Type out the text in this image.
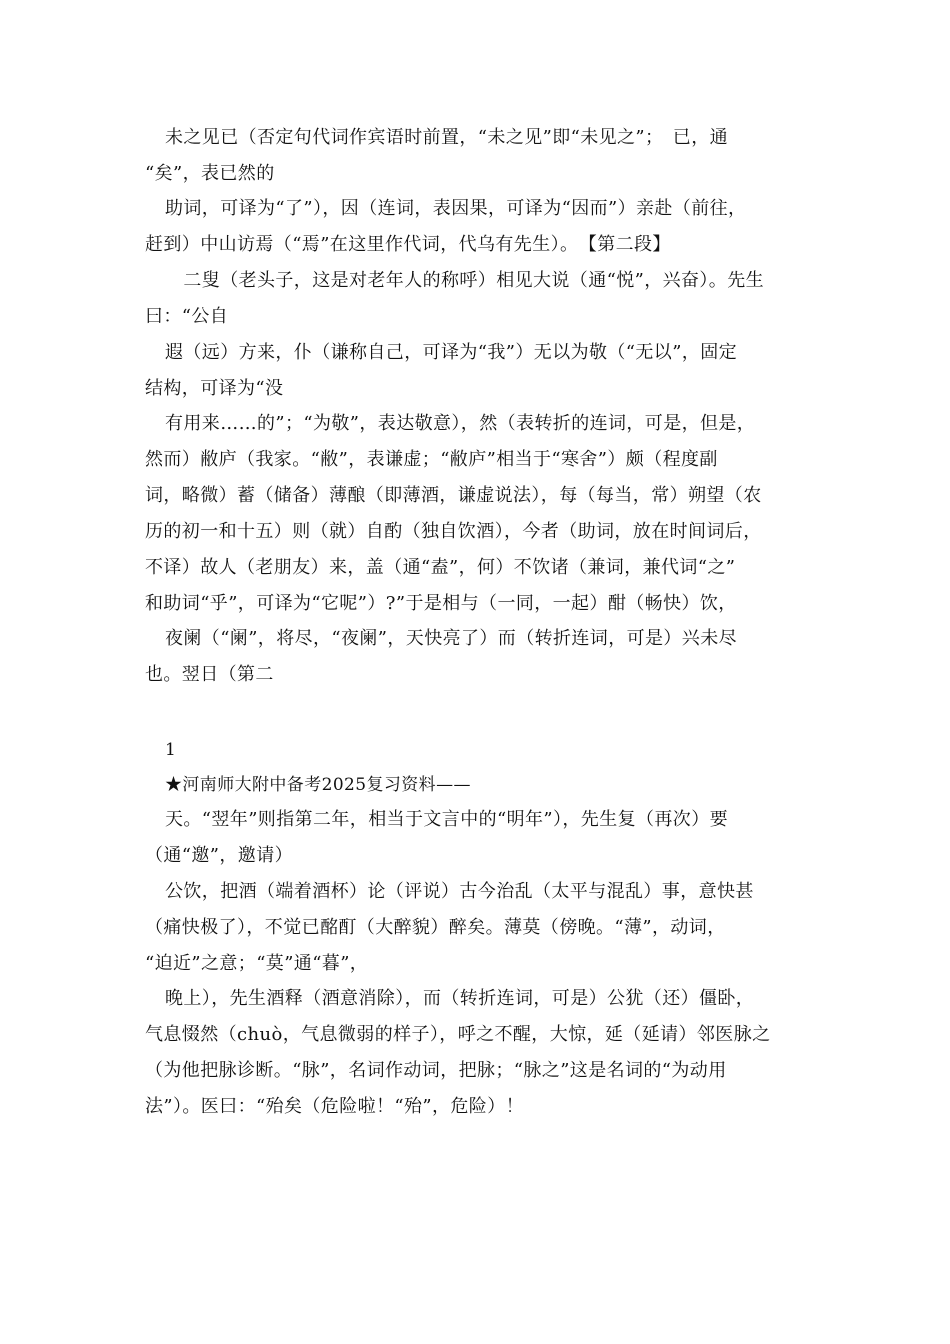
未之见已（否定句代词作宾语时前置，“未之见”即“未见之”；　已，通
“矣”，表已然的
助词，可译为“了”），因（连词，表因果，可译为“因而”）亲赴（前往，
赶到）中山访焉（“焉”在这里作代词，代乌有先生）。　【第二段】
　二叟（老头子，这是对老年人的称呼）相见大说（通“悦”，兴奋）。先生
曰：“公自
遐（远）方来，仆（谦称自己，可译为“我”）无以为敬（“无以”，固定
结构，可译为“没
有用来……的”；“为敬”，表达敬意），然（表转折的连词，可是，但是，
然而）敝庐（我家。“敝”，表谦虚；“敝庐”相当于“寒舍”）颇（程度副
词，略微）蓄（储备）薄酿（即薄酒，谦虚说法），每（每当，常）朔望（农
历的初一和十五）则（就）自酌（独自饮酒），今者（助词，放在时间词后，
不译）故人（老朋友）来，盖（通“盍”，何）不饮诸（兼词，兼代词“之”
和助词“乎”，可译为“它呢”）?”于是相与（一同，一起）酣（畅快）饮，
夜阑（“阑”，将尽，“夜阑”，天快亮了）而（转折连词，可是）兴未尽
也。翌日（第二
1
★河南师大附中备考2025复习资料——
天。“翌年”则指第二年，相当于文言中的“明年”），先生复（再次）要
（通“邀”，邀请）
公饮，把酒（端着酒杯）论（评说）古今治乱（太平与混乱）事，意快甚
（痛快极了），不觉已酩酊（大醉貌）醉矣。薄莫（傍晚。“薄”，动词，
“迫近”之意；“莫”通“暮”，
晚上），先生酒释（酒意消除），而（转折连词，可是）公犹（还）僵卧，
气息惙然（chuò，气息微弱的样子），呼之不醒，大惊，延（延请）邻医脉之
（为他把脉诊断。“脉”，名词作动词，把脉；“脉之”这是名词的“为动用
法”）。医曰：“殆矣（危险啦！“殆”，危险）！
